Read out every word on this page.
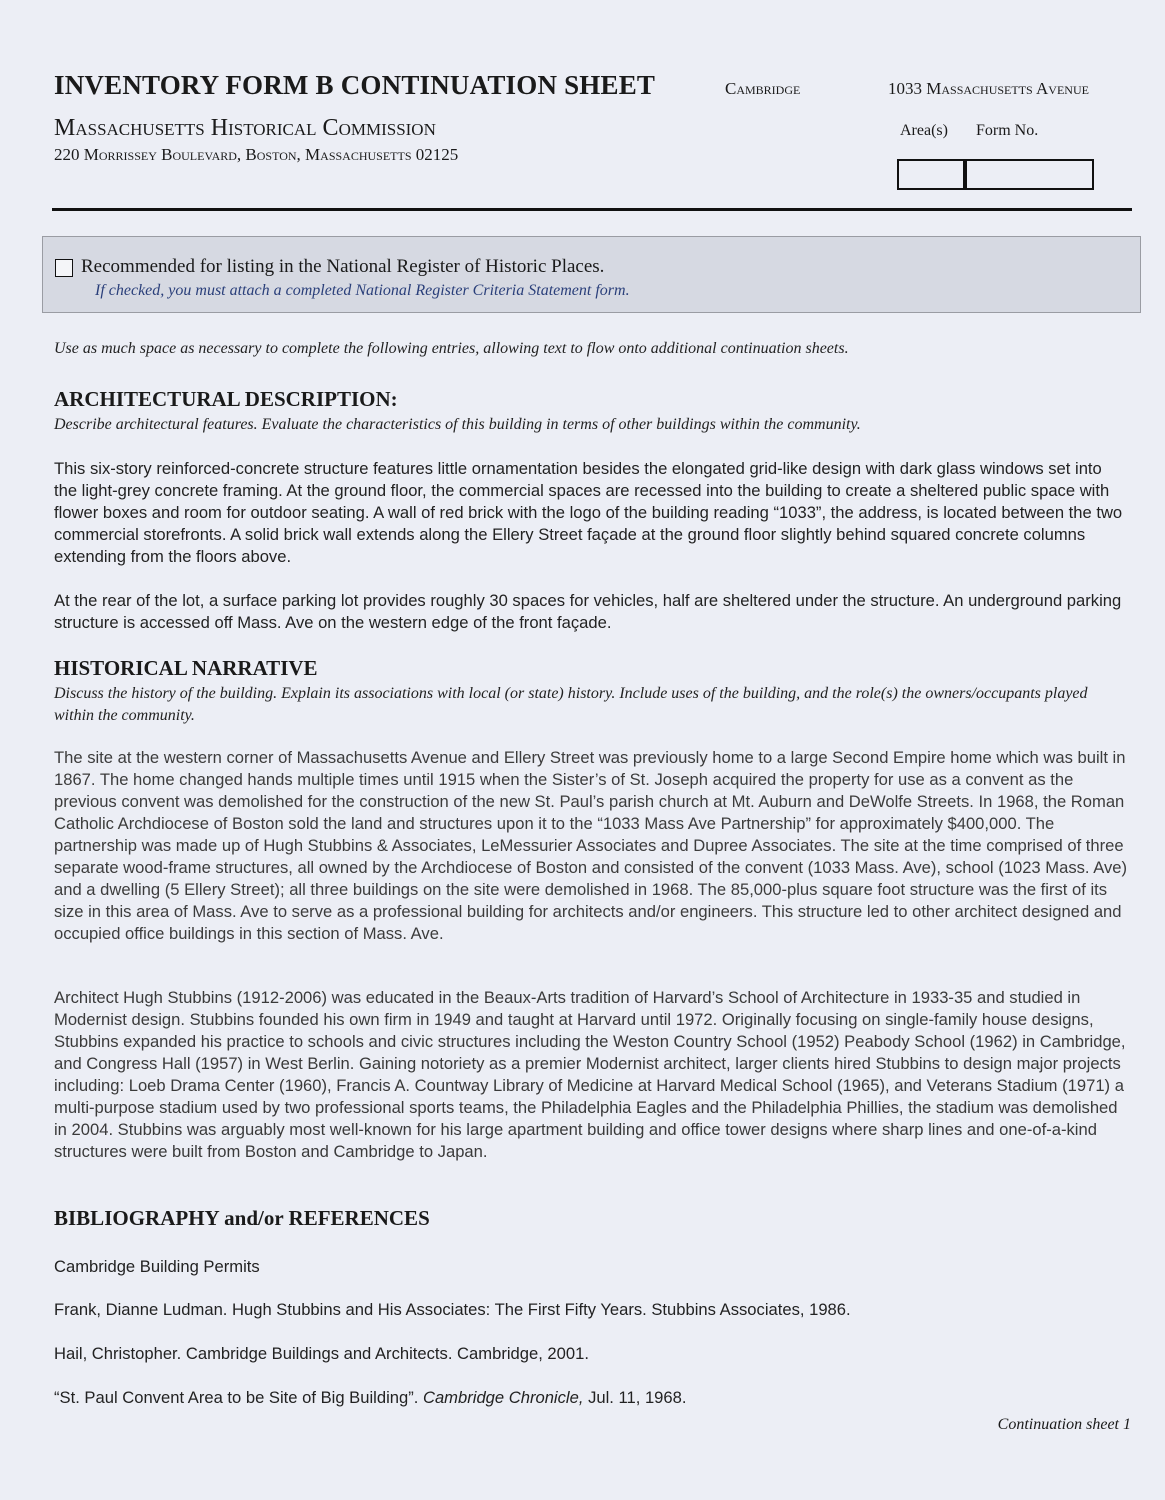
INVENTORY FORM B CONTINUATION SHEET	Cambridge	1033 Massachusetts Avenue
Massachusetts Historical Commission
220 Morrissey Boulevard, Boston, Massachusetts 02125
Area(s) Form No.
Recommended for listing in the National Register of Historic Places.
If checked, you must attach a completed National Register Criteria Statement form.
Use as much space as necessary to complete the following entries, allowing text to flow onto additional continuation sheets.
ARCHITECTURAL DESCRIPTION:
Describe architectural features. Evaluate the characteristics of this building in terms of other buildings within the community.
This six-story reinforced-concrete structure features little ornamentation besides the elongated grid-like design with dark glass windows set into the light-grey concrete framing. At the ground floor, the commercial spaces are recessed into the building to create a sheltered public space with flower boxes and room for outdoor seating. A wall of red brick with the logo of the building reading “1033”, the address, is located between the two commercial storefronts. A solid brick wall extends along the Ellery Street façade at the ground floor slightly behind squared concrete columns extending from the floors above.
At the rear of the lot, a surface parking lot provides roughly 30 spaces for vehicles, half are sheltered under the structure. An underground parking structure is accessed off Mass. Ave on the western edge of the front façade.
HISTORICAL NARRATIVE
Discuss the history of the building. Explain its associations with local (or state) history. Include uses of the building, and the role(s) the owners/occupants played within the community.
The site at the western corner of Massachusetts Avenue and Ellery Street was previously home to a large Second Empire home which was built in 1867. The home changed hands multiple times until 1915 when the Sister’s of St. Joseph acquired the property for use as a convent as the previous convent was demolished for the construction of the new St. Paul’s parish church at Mt. Auburn and DeWolfe Streets. In 1968, the Roman Catholic Archdiocese of Boston sold the land and structures upon it to the “1033 Mass Ave Partnership” for approximately $400,000. The partnership was made up of Hugh Stubbins & Associates, LeMessurier Associates and Dupree Associates. The site at the time comprised of three separate wood-frame structures, all owned by the Archdiocese of Boston and consisted of the convent (1033 Mass. Ave), school (1023 Mass. Ave) and a dwelling (5 Ellery Street); all three buildings on the site were demolished in 1968. The 85,000-plus square foot structure was the first of its size in this area of Mass. Ave to serve as a professional building for architects and/or engineers. This structure led to other architect designed and occupied office buildings in this section of Mass. Ave.
Architect Hugh Stubbins (1912-2006) was educated in the Beaux-Arts tradition of Harvard’s School of Architecture in 1933-35 and studied in Modernist design. Stubbins founded his own firm in 1949 and taught at Harvard until 1972. Originally focusing on single-family house designs, Stubbins expanded his practice to schools and civic structures including the Weston Country School (1952) Peabody School (1962) in Cambridge, and Congress Hall (1957) in West Berlin. Gaining notoriety as a premier Modernist architect, larger clients hired Stubbins to design major projects including: Loeb Drama Center (1960), Francis A. Countway Library of Medicine at Harvard Medical School (1965), and Veterans Stadium (1971) a multi-purpose stadium used by two professional sports teams, the Philadelphia Eagles and the Philadelphia Phillies, the stadium was demolished in 2004. Stubbins was arguably most well-known for his large apartment building and office tower designs where sharp lines and one-of-a-kind structures were built from Boston and Cambridge to Japan.
BIBLIOGRAPHY and/or REFERENCES
Cambridge Building Permits
Frank, Dianne Ludman. Hugh Stubbins and His Associates: The First Fifty Years. Stubbins Associates, 1986.
Hail, Christopher. Cambridge Buildings and Architects. Cambridge, 2001.
“St. Paul Convent Area to be Site of Big Building”. Cambridge Chronicle, Jul. 11, 1968.
Continuation sheet 1
